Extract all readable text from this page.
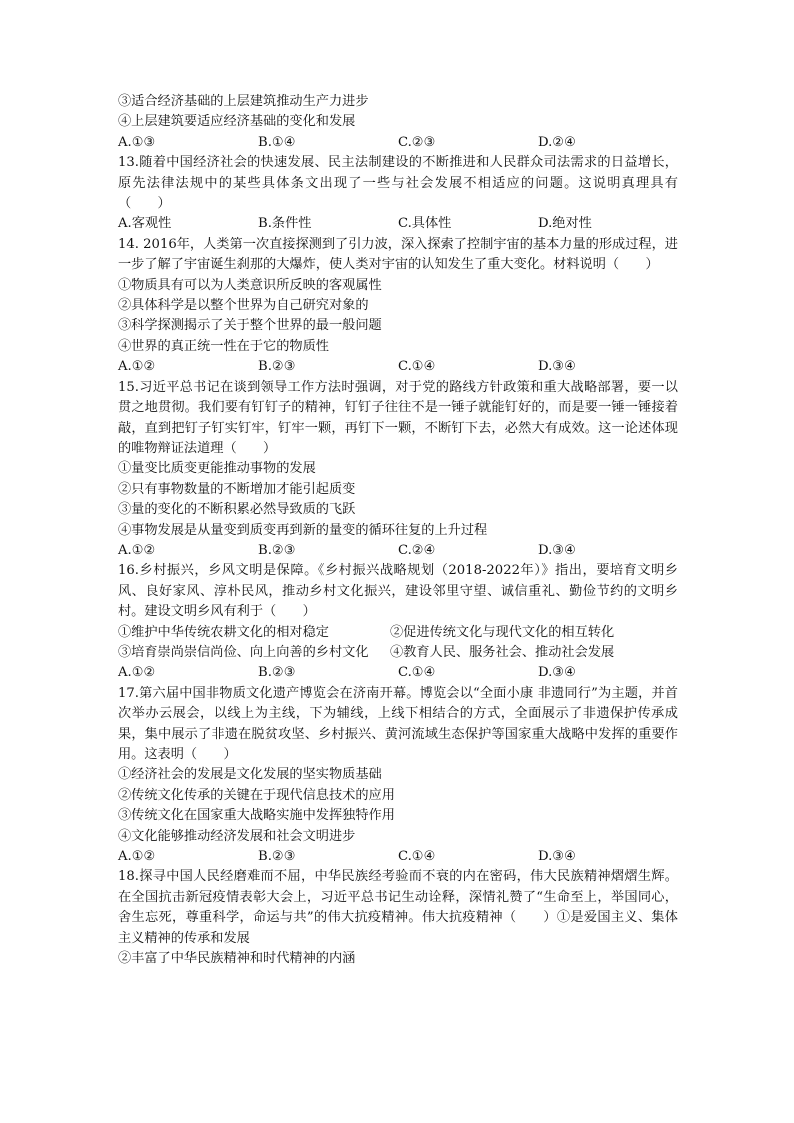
③适合经济基础的上层建筑推动生产力进步
④上层建筑要适应经济基础的变化和发展
A.①③	B.①④	C.②③	D.②④

13.随着中国经济社会的快速发展、民主法制建设的不断推进和人民群众司法需求的日益增长，原先法律法规中的某些具体条文出现了一些与社会发展不相适应的问题。这说明真理具有（　　）

A.客观性	B.条件性	C.具体性	D.绝对性

14. 2016年，人类第一次直接探测到了引力波，深入探索了控制宇宙的基本力量的形成过程，进一步了解了宇宙诞生刹那的大爆炸，使人类对宇宙的认知发生了重大变化。材料说明（　　）

①物质具有可以为人类意识所反映的客观属性
②具体科学是以整个世界为自己研究对象的
③科学探测揭示了关于整个世界的最一般问题
④世界的真正统一性在于它的物质性
A.①②	B.②③	C.①④	D.③④

15.习近平总书记在谈到领导工作方法时强调，对于党的路线方针政策和重大战略部署，要一以贯之地贯彻。我们要有钉钉子的精神，钉钉子往往不是一锤子就能钉好的，而是要一锤一锤接着敲，直到把钉子钉实钉牢，钉牢一颗，再钉下一颗，不断钉下去，必然大有成效。这一论述体现的唯物辩证法道理（　　）

①量变比质变更能推动事物的发展
②只有事物数量的不断增加才能引起质变
③量的变化的不断积累必然导致质的飞跃
④事物发展是从量变到质变再到新的量变的循环往复的上升过程
A.①②	B.②③	C.②④	D.③④

16.乡村振兴，乡风文明是保障。《乡村振兴战略规划（2018-2022年）》指出，要培育文明乡风、良好家风、淳朴民风，推动乡村文化振兴，建设邻里守望、诚信重礼、勤俭节约的文明乡村。建设文明乡风有利于（　　）

①维护中华传统农耕文化的相对稳定	②促进传统文化与现代文化的相互转化
③培育崇尚崇信尚俭、向上向善的乡村文化	④教育人民、服务社会、推动社会发展
A.①②	B.②③	C.①④	D.③④

17.第六届中国非物质文化遗产博览会在济南开幕。博览会以“全面小康 非遗同行”为主题，并首次举办云展会，以线上为主线，下为辅线，上线下相结合的方式，全面展示了非遗保护传承成果，集中展示了非遗在脱贫攻坚、乡村振兴、黄河流域生态保护等国家重大战略中发挥的重要作用。这表明（　　）

①经济社会的发展是文化发展的坚实物质基础
②传统文化传承的关键在于现代信息技术的应用
③传统文化在国家重大战略实施中发挥独特作用
④文化能够推动经济发展和社会文明进步
A.①②	B.②③	C.①④	D.③④

18.探寻中国人民经磨难而不屈，中华民族经考验而不衰的内在密码，伟大民族精神熠熠生辉。在全国抗击新冠疫情表彰大会上，习近平总书记生动诠释，深情礼赞了“生命至上，举国同心，舍生忘死，尊重科学，命运与共”的伟大抗疫精神。伟大抗疫精神（　　）①是爱国主义、集体主义精神的传承和发展

②丰富了中华民族精神和时代精神的内涵
